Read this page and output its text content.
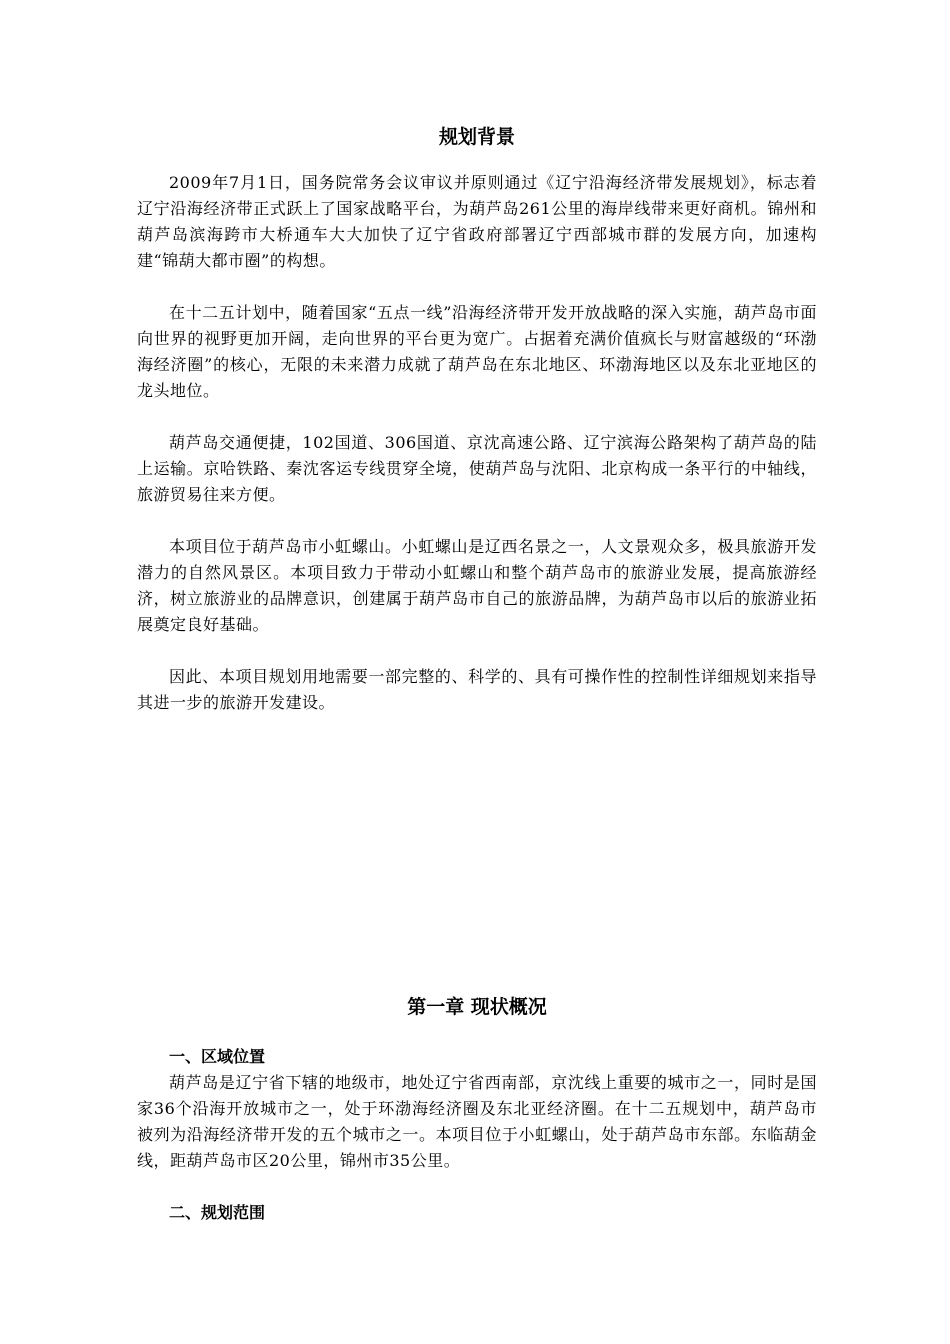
规划背景

2009年7月1日，国务院常务会议审议并原则通过《辽宁沿海经济带发展规划》，标志着辽宁沿海经济带正式跃上了国家战略平台，为葫芦岛261公里的海岸线带来更好商机。锦州和葫芦岛滨海跨市大桥通车大大加快了辽宁省政府部署辽宁西部城市群的发展方向，加速构建“锦葫大都市圈”的构想。

在十二五计划中，随着国家“五点一线”沿海经济带开发开放战略的深入实施，葫芦岛市面向世界的视野更加开阔，走向世界的平台更为宽广。占据着充满价值疯长与财富越级的“环渤海经济圈”的核心，无限的未来潜力成就了葫芦岛在东北地区、环渤海地区以及东北亚地区的龙头地位。

葫芦岛交通便捷，102国道、306国道、京沈高速公路、辽宁滨海公路架构了葫芦岛的陆上运输。京哈铁路、秦沈客运专线贯穿全境，使葫芦岛与沈阳、北京构成一条平行的中轴线，旅游贸易往来方便。

本项目位于葫芦岛市小虹螺山。小虹螺山是辽西名景之一，人文景观众多，极具旅游开发潜力的自然风景区。本项目致力于带动小虹螺山和整个葫芦岛市的旅游业发展，提高旅游经济，树立旅游业的品牌意识，创建属于葫芦岛市自己的旅游品牌，为葫芦岛市以后的旅游业拓展奠定良好基础。

因此、本项目规划用地需要一部完整的、科学的、具有可操作性的控制性详细规划来指导其进一步的旅游开发建设。

第一章 现状概况
一、区域位置

葫芦岛是辽宁省下辖的地级市，地处辽宁省西南部，京沈线上重要的城市之一，同时是国家36个沿海开放城市之一，处于环渤海经济圈及东北亚经济圈。在十二五规划中，葫芦岛市被列为沿海经济带开发的五个城市之一。本项目位于小虹螺山，处于葫芦岛市东部。东临葫金线，距葫芦岛市区20公里，锦州市35公里。

二、规划范围
